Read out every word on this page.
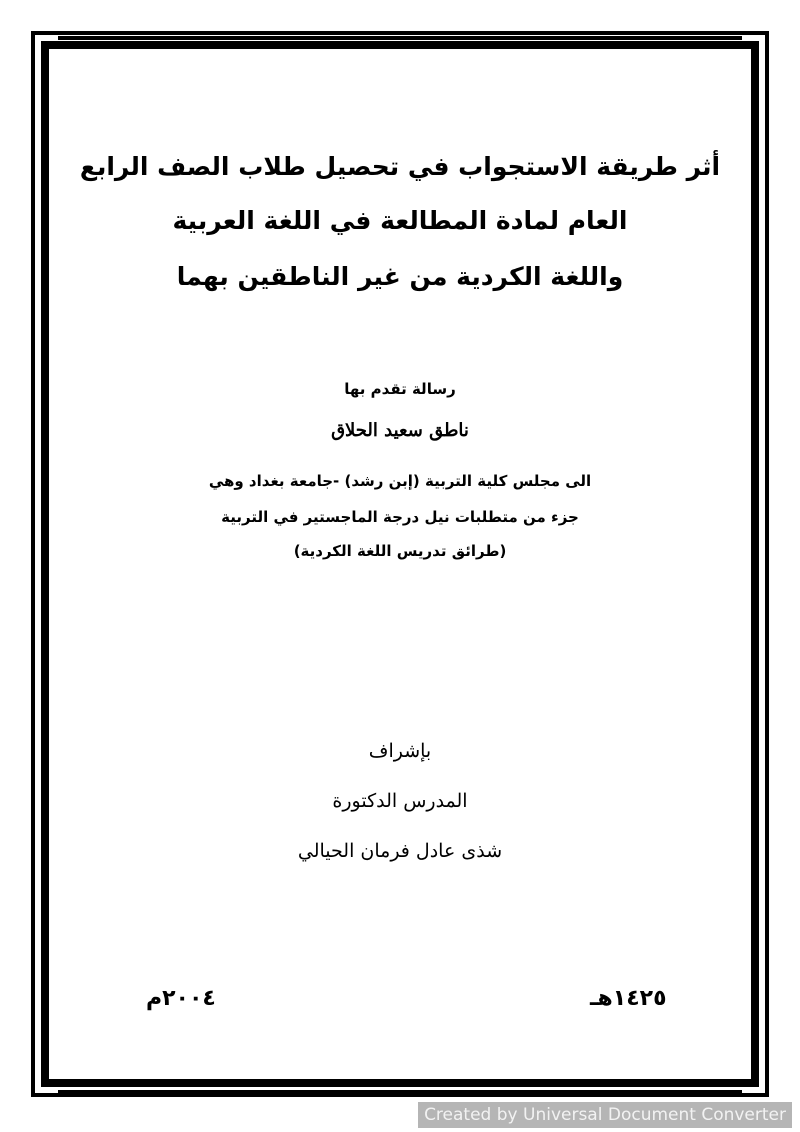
أثر طريقة الاستجواب في تحصيل طلاب الصف الرابع

العام لمادة المطالعة في اللغة العربية

واللغة الكردية من غير الناطقين بهما

رسالة تقدم بها

ناطق سعيد الحلاق

الى مجلس كلية التربية (إبن رشد) -جامعة بغداد وهي

جزء من متطلبات نيل درجة الماجستير في التربية

(طرائق تدريس اللغة الكردية)

بإشراف

المدرس الدكتورة

شذى عادل فرمان الحيالي

١٤٢٥هـ

٢٠٠٤م

Created by Universal Document Converter
